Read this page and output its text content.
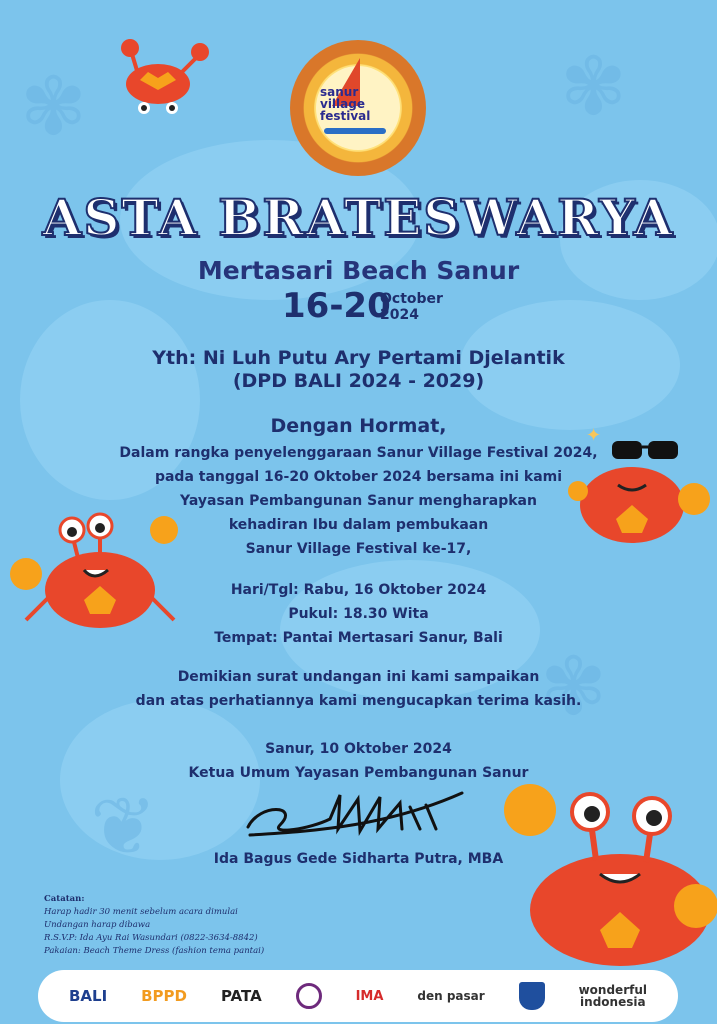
✾
✾
❦
✾
sanur
village
festival
✦
ASTA BRATESWARYA
Mertasari Beach Sanur
16-20
October
2024
Yth: Ni Luh Putu Ary Pertami Djelantik
(DPD BALI 2024 - 2029)
Dengan Hormat,
Dalam rangka penyelenggaraan Sanur Village Festival 2024,
pada tanggal 16-20 Oktober 2024 bersama ini kami
Yayasan Pembangunan Sanur mengharapkan
kehadiran Ibu dalam pembukaan
Sanur Village Festival ke-17,
Hari/Tgl: Rabu, 16 Oktober 2024
Pukul: 18.30 Wita
Tempat: Pantai Mertasari Sanur, Bali
Demikian surat undangan ini kami sampaikan
dan atas perhatiannya kami mengucapkan terima kasih.
Sanur, 10 Oktober 2024
Ketua Umum Yayasan Pembangunan Sanur
Ida Bagus Gede Sidharta Putra, MBA
Catatan:
Harap hadir 30 menit sebelum acara dimulai
Undangan harap dibawa
R.S.V.P: Ida Ayu Rai Wasundari (0822-3634-8842)
Pakaian: Beach Theme Dress (fashion tema pantai)
BALI BPPD PATA	IMA	den pasar	wonderful
indonesia
